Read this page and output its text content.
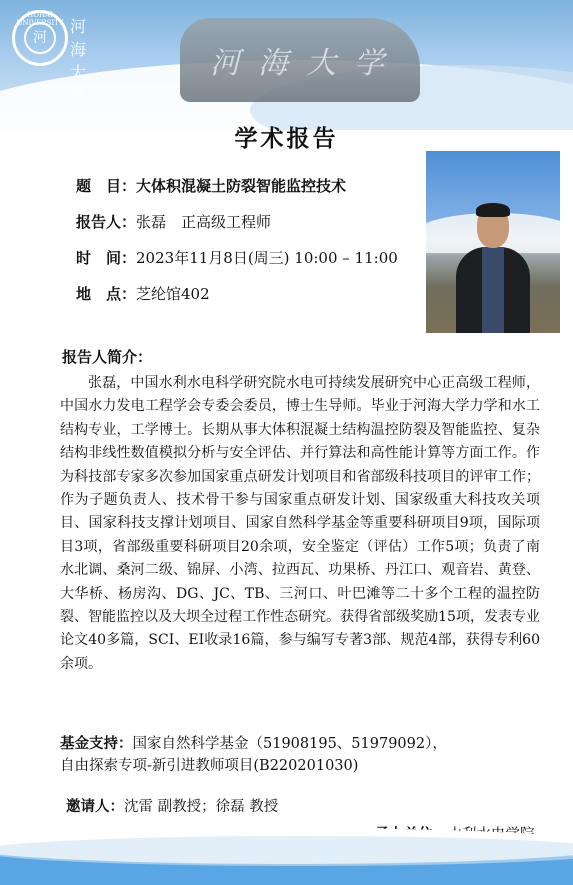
河海大学
HOHAI UNIVERSITY
河
河海大學
学术报告
题　目：大体积混凝土防裂智能监控技术
报告人：张磊　正高级工程师
时　间：2023年11月8日(周三) 10:00 – 11:00
地　点：芝纶馆402
报告人简介：
张磊，中国水利水电科学研究院水电可持续发展研究中心正高级工程师，中国水力发电工程学会专委会委员，博士生导师。毕业于河海大学力学和水工结构专业，工学博士。长期从事大体积混凝土结构温控防裂及智能监控、复杂结构非线性数值模拟分析与安全评估、并行算法和高性能计算等方面工作。作为科技部专家多次参加国家重点研发计划项目和省部级科技项目的评审工作；作为子题负责人、技术骨干参与国家重点研发计划、国家级重大科技攻关项目、国家科技支撑计划项目、国家自然科学基金等重要科研项目9项，国际项目3项，省部级重要科研项目20余项，安全鉴定（评估）工作5项；负责了南水北调、桑河二级、锦屏、小湾、拉西瓦、功果桥、丹江口、观音岩、黄登、大华桥、杨房沟、DG、JC、TB、三河口、叶巴滩等二十多个工程的温控防裂、智能监控以及大坝全过程工作性态研究。获得省部级奖励15项，发表专业论文40多篇，SCI、EI收录16篇，参与编写专著3部、规范4部，获得专利60余项。
基金支持：国家自然科学基金（51908195、51979092），
自由探索专项-新引进教师项目(B220201030)
邀请人：沈雷 副教授；徐磊 教授
